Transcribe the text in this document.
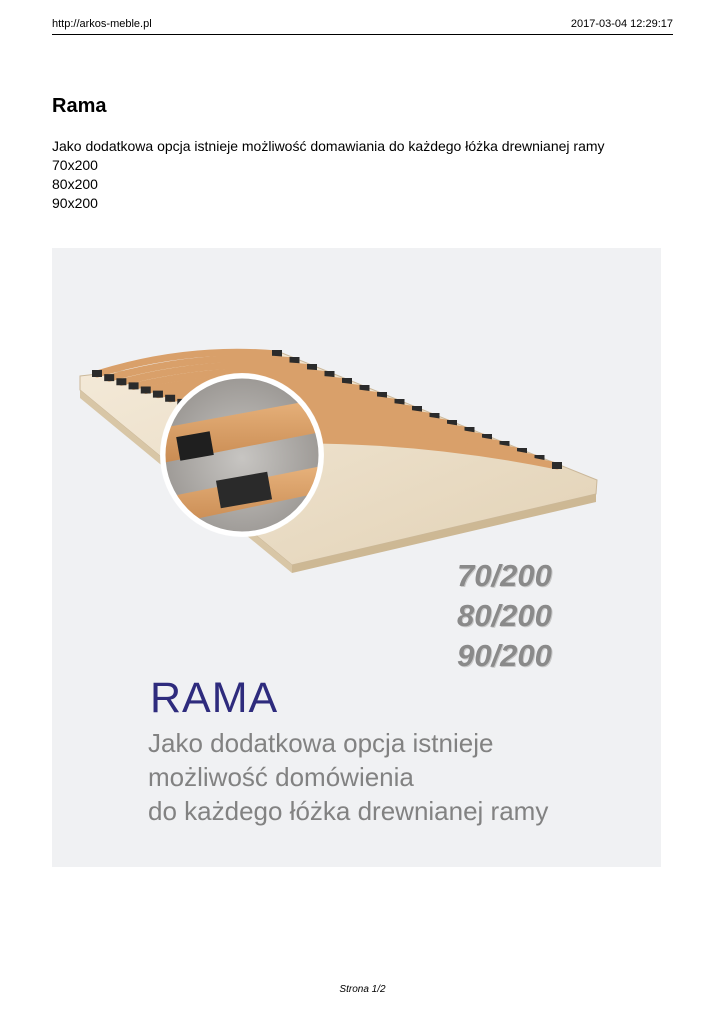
http://arkos-meble.pl	2017-03-04 12:29:17
Rama
Jako dodatkowa opcja istnieje możliwość domawiania do każdego łóżka drewnianej ramy
70x200
80x200
90x200
70/200
80/200
90/200
RAMA
Jako dodatkowa opcja istnieje
możliwość domówienia
do każdego łóżka drewnianej ramy
Strona 1/2
